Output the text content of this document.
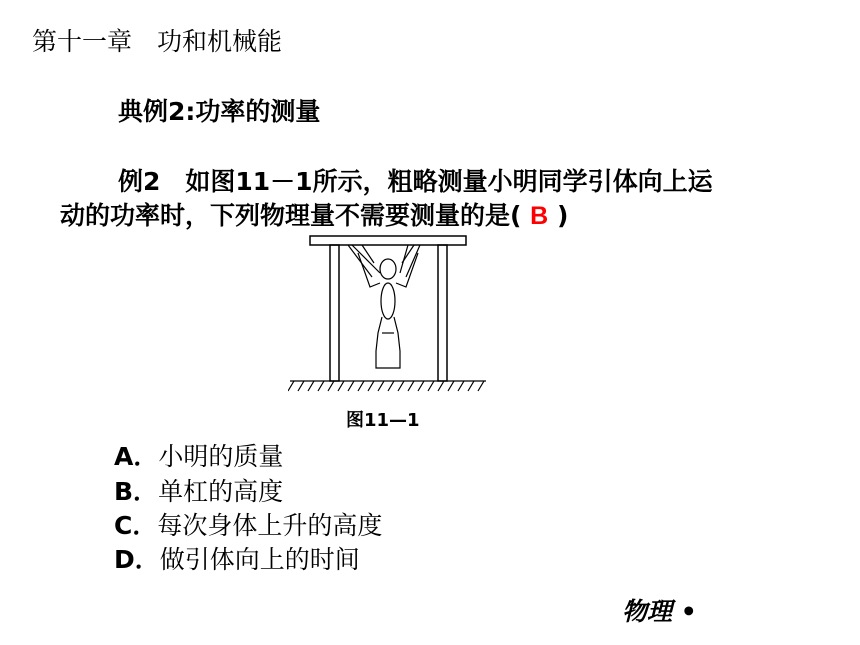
第十一章　功和机械能
典例2:功率的测量
例2　如图11－1所示，粗略测量小明同学引体向上运
动的功率时，下列物理量不需要测量的是( B )
图11—1
A．小明的质量
B．单杠的高度
C．每次身体上升的高度
D．做引体向上的时间
物理 •
